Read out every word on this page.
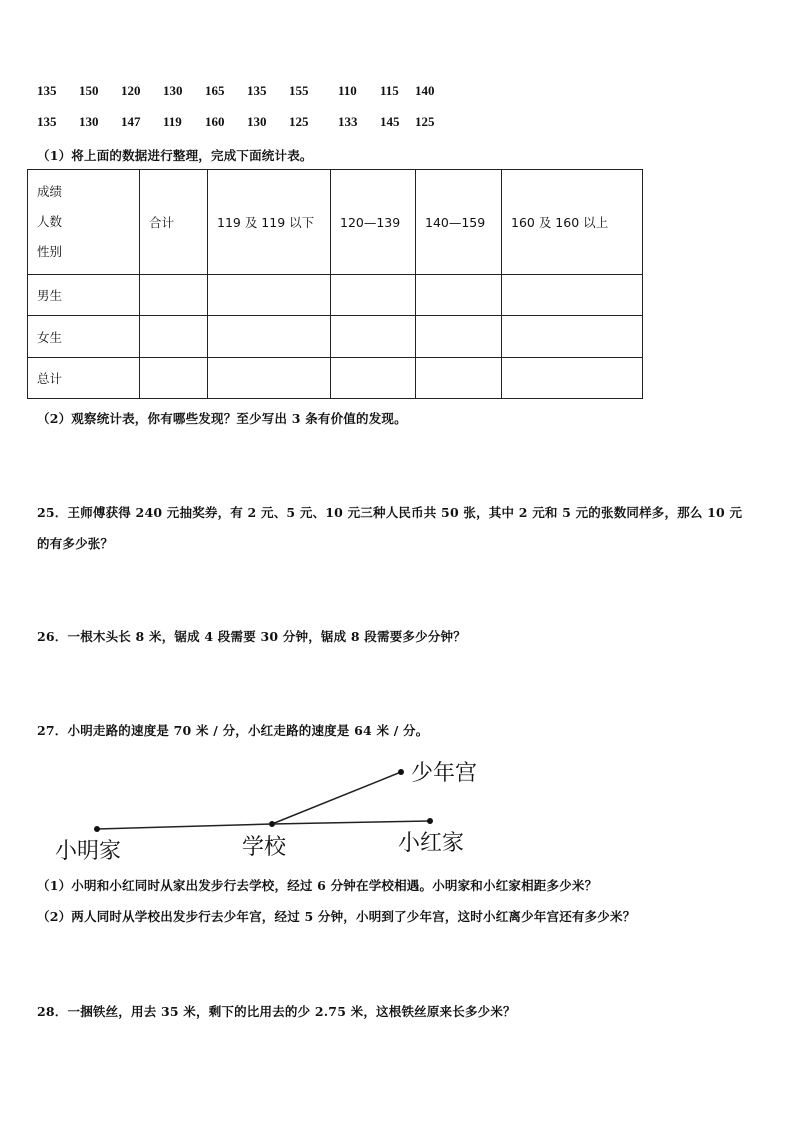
135 150 120 130 165 135 155 110 115 140
135 130 147 119 160 130 125 133 145 125
（1）将上面的数据进行整理，完成下面统计表。
成绩
人数
性别	合计	119 及 119 以下	120—139	140—159	160 及 160 以上
男生					
女生					
总计					
（2）观察统计表，你有哪些发现？至少写出 3 条有价值的发现。
25．王师傅获得 240 元抽奖券，有 2 元、5 元、10 元三种人民币共 50 张，其中 2 元和 5 元的张数同样多，那么 10 元
的有多少张？
26．一根木头长 8 米，锯成 4 段需要 30 分钟，锯成 8 段需要多少分钟？
27．小明走路的速度是 70 米 / 分，小红走路的速度是 64 米 / 分。
小明家	学校	小红家
少年宫
（1）小明和小红同时从家出发步行去学校，经过 6 分钟在学校相遇。小明家和小红家相距多少米？
（2）两人同时从学校出发步行去少年宫，经过 5 分钟，小明到了少年宫，这时小红离少年宫还有多少米？
28．一捆铁丝，用去 35 米，剩下的比用去的少 2.75 米，这根铁丝原来长多少米？
